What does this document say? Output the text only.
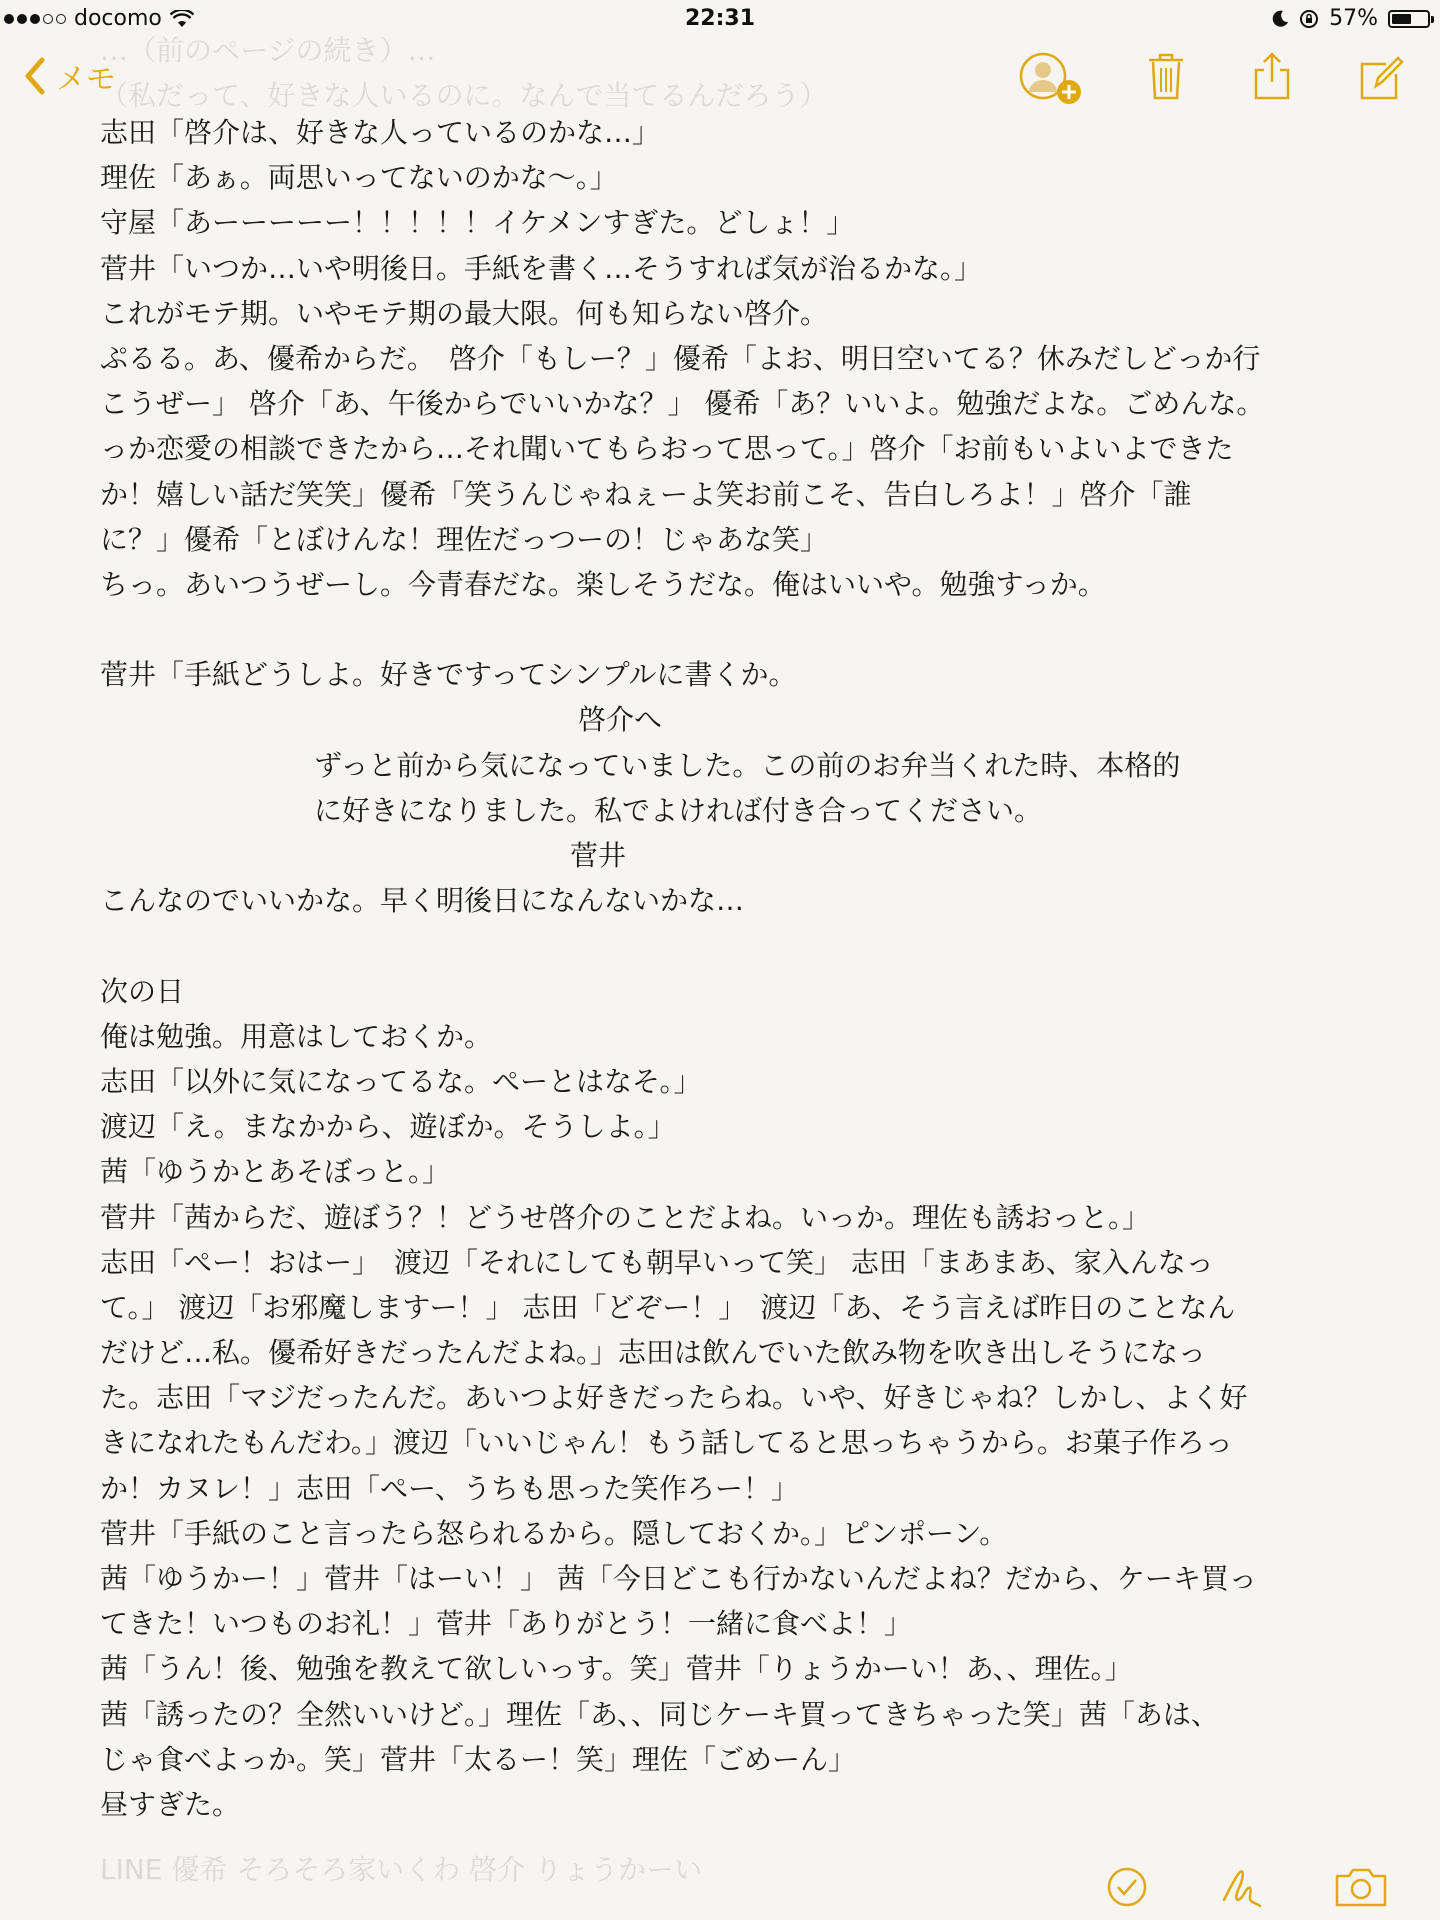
docomo	22:31	57%
…（前のページの続き）…
（私だって、好きな人いるのに。なんで当てるんだろう）
メモ
志田「啓介は、好きな人っているのかな…」
理佐「あぁ。両思いってないのかな〜。」
守屋「あーーーーー！！！！！イケメンすぎた。どしょ！」
菅井「いつか…いや明後日。手紙を書く…そうすれば気が治るかな。」
これがモテ期。いやモテ期の最大限。何も知らない啓介。
ぷるる。あ、優希からだ。　啓介「もしー？」優希「よお、明日空いてる？休みだしどっか行
こうぜー」 啓介「あ、午後からでいいかな？」 優希「あ？いいよ。勉強だよな。ごめんな。
っか恋愛の相談できたから…それ聞いてもらおって思って。」啓介「お前もいよいよできた
か！嬉しい話だ笑笑」優希「笑うんじゃねぇーよ笑お前こそ、告白しろよ！」啓介「誰
に？」優希「とぼけんな！理佐だっつーの！じゃあな笑」
ちっ。あいつうぜーし。今青春だな。楽しそうだな。俺はいいや。勉強すっか。
菅井「手紙どうしよ。好きですってシンプルに書くか。
啓介へ
ずっと前から気になっていました。この前のお弁当くれた時、本格的
に好きになりました。私でよければ付き合ってください。
菅井
こんなのでいいかな。早く明後日になんないかな…
次の日
俺は勉強。用意はしておくか。
志田「以外に気になってるな。ぺーとはなそ。」
渡辺「え。まなかから、遊ぼか。そうしよ。」
茜「ゆうかとあそぼっと。」
菅井「茜からだ、遊ぼう？！どうせ啓介のことだよね。いっか。理佐も誘おっと。」
志田「ぺー！おはー」　渡辺「それにしても朝早いって笑」 志田「まあまあ、家入んなっ
て。」 渡辺「お邪魔しますー！」 志田「どぞー！」　渡辺「あ、そう言えば昨日のことなん
だけど…私。優希好きだったんだよね。」志田は飲んでいた飲み物を吹き出しそうになっ
た。志田「マジだったんだ。あいつよ好きだったらね。いや、好きじゃね？しかし、よく好
きになれたもんだわ。」渡辺「いいじゃん！もう話してると思っちゃうから。お菓子作ろっ
か！カヌレ！」志田「ぺー、うちも思った笑作ろー！」
菅井「手紙のこと言ったら怒られるから。隠しておくか。」ピンポーン。
茜「ゆうかー！」菅井「はーい！」 茜「今日どこも行かないんだよね？だから、ケーキ買っ
てきた！いつものお礼！」菅井「ありがとう！一緒に食べよ！」
茜「うん！後、勉強を教えて欲しいっす。笑」菅井「りょうかーい！あ、、理佐。」
茜「誘ったの？全然いいけど。」理佐「あ、、同じケーキ買ってきちゃった笑」茜「あは、
じゃ食べよっか。笑」菅井「太るー！笑」理佐「ごめーん」
昼すぎた。
LINE 優希 そろそろ家いくわ 啓介 りょうかーい
